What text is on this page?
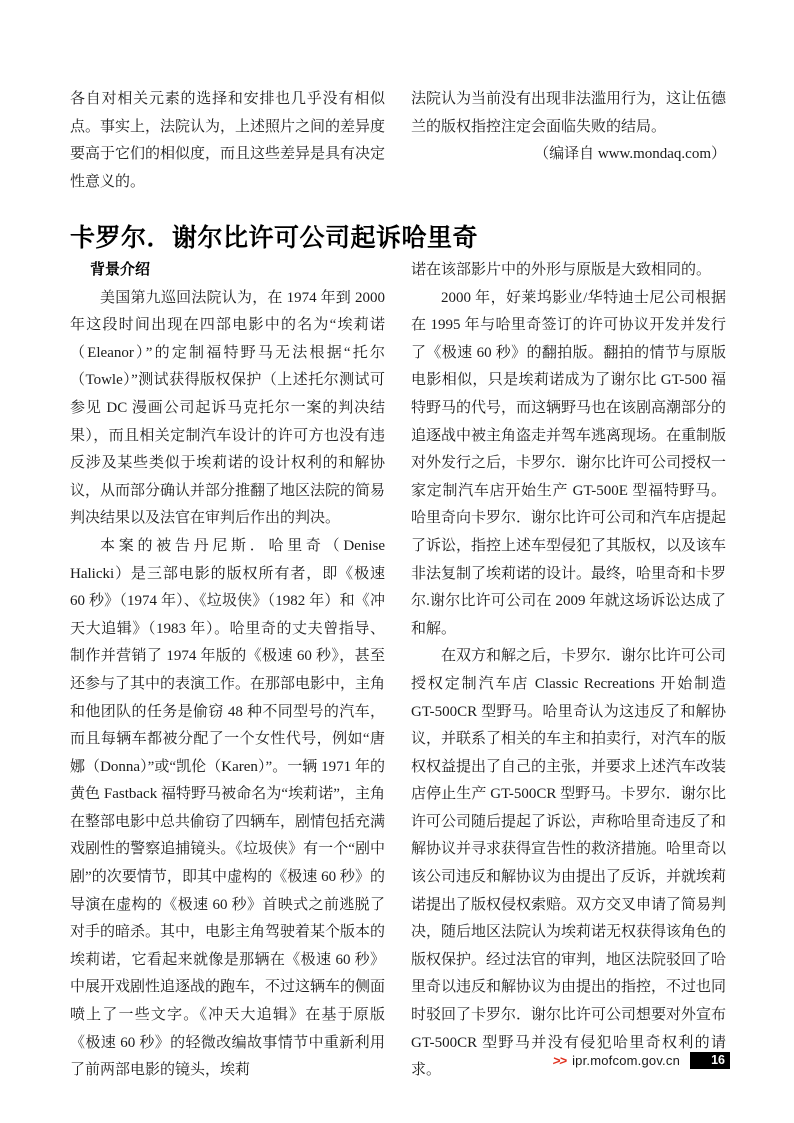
各自对相关元素的选择和安排也几乎没有相似点。事实上，法院认为，上述照片之间的差异度要高于它们的相似度，而且这些差异是具有决定性意义的。
法院认为当前没有出现非法滥用行为，这让伍德兰的版权指控注定会面临失败的结局。
（编译自 www.mondaq.com）
卡罗尔．谢尔比许可公司起诉哈里奇
背景介绍

美国第九巡回法院认为，在 1974 年到 2000 年这段时间出现在四部电影中的名为“埃莉诺（Eleanor）”的定制福特野马无法根据“托尔（Towle）”测试获得版权保护（上述托尔测试可参见 DC 漫画公司起诉马克托尔一案的判决结果），而且相关定制汽车设计的许可方也没有违反涉及某些类似于埃莉诺的设计权利的和解协议，从而部分确认并部分推翻了地区法院的简易判决结果以及法官在审判后作出的判决。

本案的被告丹尼斯．哈里奇（Denise Halicki）是三部电影的版权所有者，即《极速 60 秒》（1974 年）、《垃圾侠》（1982 年）和《冲天大追辑》（1983 年）。哈里奇的丈夫曾指导、制作并营销了 1974 年版的《极速 60 秒》，甚至还参与了其中的表演工作。在那部电影中，主角和他团队的任务是偷窃 48 种不同型号的汽车，而且每辆车都被分配了一个女性代号，例如“唐娜（Donna）”或“凯伦（Karen）”。一辆 1971 年的黄色 Fastback 福特野马被命名为“埃莉诺”，主角在整部电影中总共偷窃了四辆车，剧情包括充满戏剧性的警察追捕镜头。《垃圾侠》有一个“剧中剧”的次要情节，即其中虚构的《极速 60 秒》的导演在虚构的《极速 60 秒》首映式之前逃脱了对手的暗杀。其中，电影主角驾驶着某个版本的埃莉诺，它看起来就像是那辆在《极速 60 秒》中展开戏剧性追逐战的跑车，不过这辆车的侧面喷上了一些文字。《冲天大追辑》在基于原版《极速 60 秒》的轻微改编故事情节中重新利用了前两部电影的镜头，埃莉

诺在该部影片中的外形与原版是大致相同的。

2000 年，好莱坞影业/华特迪士尼公司根据在 1995 年与哈里奇签订的许可协议开发并发行了《极速 60 秒》的翻拍版。翻拍的情节与原版电影相似，只是埃莉诺成为了谢尔比 GT-500 福特野马的代号，而这辆野马也在该剧高潮部分的追逐战中被主角盗走并驾车逃离现场。在重制版对外发行之后，卡罗尔．谢尔比许可公司授权一家定制汽车店开始生产 GT-500E 型福特野马。哈里奇向卡罗尔．谢尔比许可公司和汽车店提起了诉讼，指控上述车型侵犯了其版权，以及该车非法复制了埃莉诺的设计。最终，哈里奇和卡罗尔.谢尔比许可公司在 2009 年就这场诉讼达成了和解。

在双方和解之后，卡罗尔．谢尔比许可公司授权定制汽车店 Classic Recreations 开始制造 GT-500CR 型野马。哈里奇认为这违反了和解协议，并联系了相关的车主和拍卖行，对汽车的版权权益提出了自己的主张，并要求上述汽车改装店停止生产 GT-500CR 型野马。卡罗尔．谢尔比许可公司随后提起了诉讼，声称哈里奇违反了和解协议并寻求获得宣告性的救济措施。哈里奇以该公司违反和解协议为由提出了反诉，并就埃莉诺提出了版权侵权索赔。双方交叉申请了简易判决，随后地区法院认为埃莉诺无权获得该角色的版权保护。经过法官的审判，地区法院驳回了哈里奇以违反和解协议为由提出的指控，不过也同时驳回了卡罗尔．谢尔比许可公司想要对外宣布 GT-500CR 型野马并没有侵犯哈里奇权利的请求。

>> ipr.mofcom.gov.cn	16
